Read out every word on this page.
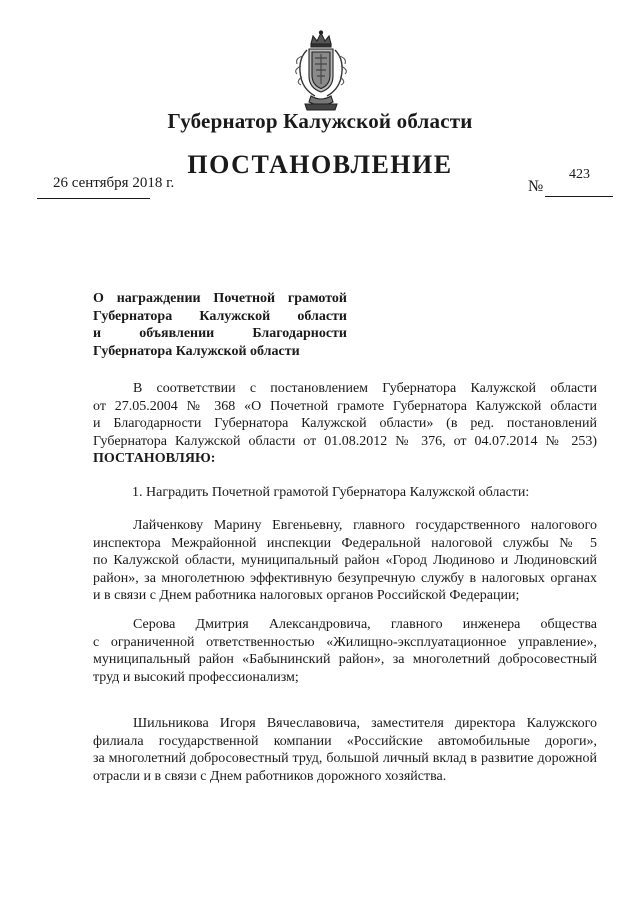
Губернатор Калужской области
ПОСТАНОВЛЕНИЕ
26 сентября 2018 г.	№
423
О награждении Почетной грамотой
Губернатора Калужской области
и объявлении Благодарности
Губернатора Калужской области
В соответствии с постановлением Губернатора Калужской области
от 27.05.2004 № 368 «О Почетной грамоте Губернатора Калужской области
и Благодарности Губернатора Калужской области» (в ред. постановлений
Губернатора Калужской области от 01.08.2012 № 376, от 04.07.2014 № 253)
ПОСТАНОВЛЯЮ:
1. Наградить Почетной грамотой Губернатора Калужской области:
Лайченкову Марину Евгеньевну, главного государственного налогового
инспектора Межрайонной инспекции Федеральной налоговой службы № 5
по Калужской области, муниципальный район «Город Людиново и Людиновский
район», за многолетнюю эффективную безупречную службу в налоговых органах
и в связи с Днем работника налоговых органов Российской Федерации;
Серова Дмитрия Александровича, главного инженера общества
с ограниченной ответственностью «Жилищно-эксплуатационное управление»,
муниципальный район «Бабынинский район», за многолетний добросовестный
труд и высокий профессионализм;
Шильникова Игоря Вячеславовича, заместителя директора Калужского
филиала государственной компании «Российские автомобильные дороги»,
за многолетний добросовестный труд, большой личный вклад в развитие дорожной
отрасли и в связи с Днем работников дорожного хозяйства.
